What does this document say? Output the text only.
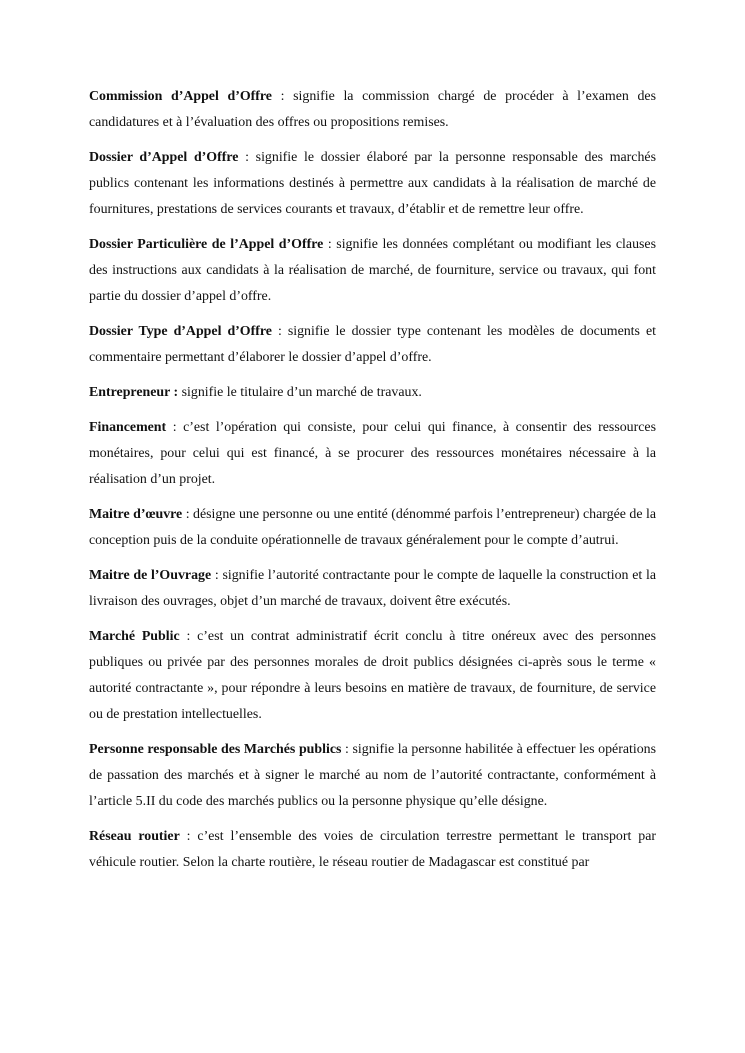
Commission d’Appel d’Offre : signifie la commission chargé de procéder à l’examen des candidatures et à l’évaluation des offres ou propositions remises.

Dossier d’Appel d’Offre : signifie le dossier élaboré par la personne responsable des marchés publics contenant les informations destinés à permettre aux candidats à la réalisation de marché de fournitures, prestations de services courants et travaux, d’établir et de remettre leur offre.

Dossier Particulière de l’Appel d’Offre : signifie les données complétant ou modifiant les clauses des instructions aux candidats à la réalisation de marché, de fourniture, service ou travaux, qui font partie du dossier d’appel d’offre.

Dossier Type d’Appel d’Offre : signifie le dossier type contenant les modèles de documents et commentaire permettant d’élaborer le dossier d’appel d’offre.

Entrepreneur : signifie le titulaire d’un marché de travaux.

Financement : c’est l’opération qui consiste, pour celui qui finance, à consentir des ressources monétaires, pour celui qui est financé, à se procurer des ressources monétaires nécessaire à la réalisation d’un projet.

Maitre d’œuvre : désigne une personne ou une entité (dénommé parfois l’entrepreneur) chargée de la conception puis de la conduite opérationnelle de travaux généralement pour le compte d’autrui.

Maitre de l’Ouvrage : signifie l’autorité contractante pour le compte de laquelle la construction et la livraison des ouvrages, objet d’un marché de travaux, doivent être exécutés.

Marché Public : c’est un contrat administratif écrit conclu à titre onéreux avec des personnes publiques ou privée par des personnes morales de droit publics désignées ci-après sous le terme « autorité contractante », pour répondre à leurs besoins en matière de travaux, de fourniture, de service ou de prestation intellectuelles.

Personne responsable des Marchés publics : signifie la personne habilitée à effectuer les opérations de passation des marchés et à signer le marché au nom de l’autorité contractante, conformément à l’article 5.II du code des marchés publics ou la personne physique qu’elle désigne.

Réseau routier : c’est l’ensemble des voies de circulation terrestre permettant le transport par véhicule routier. Selon la charte routière, le réseau routier de Madagascar est constitué par
